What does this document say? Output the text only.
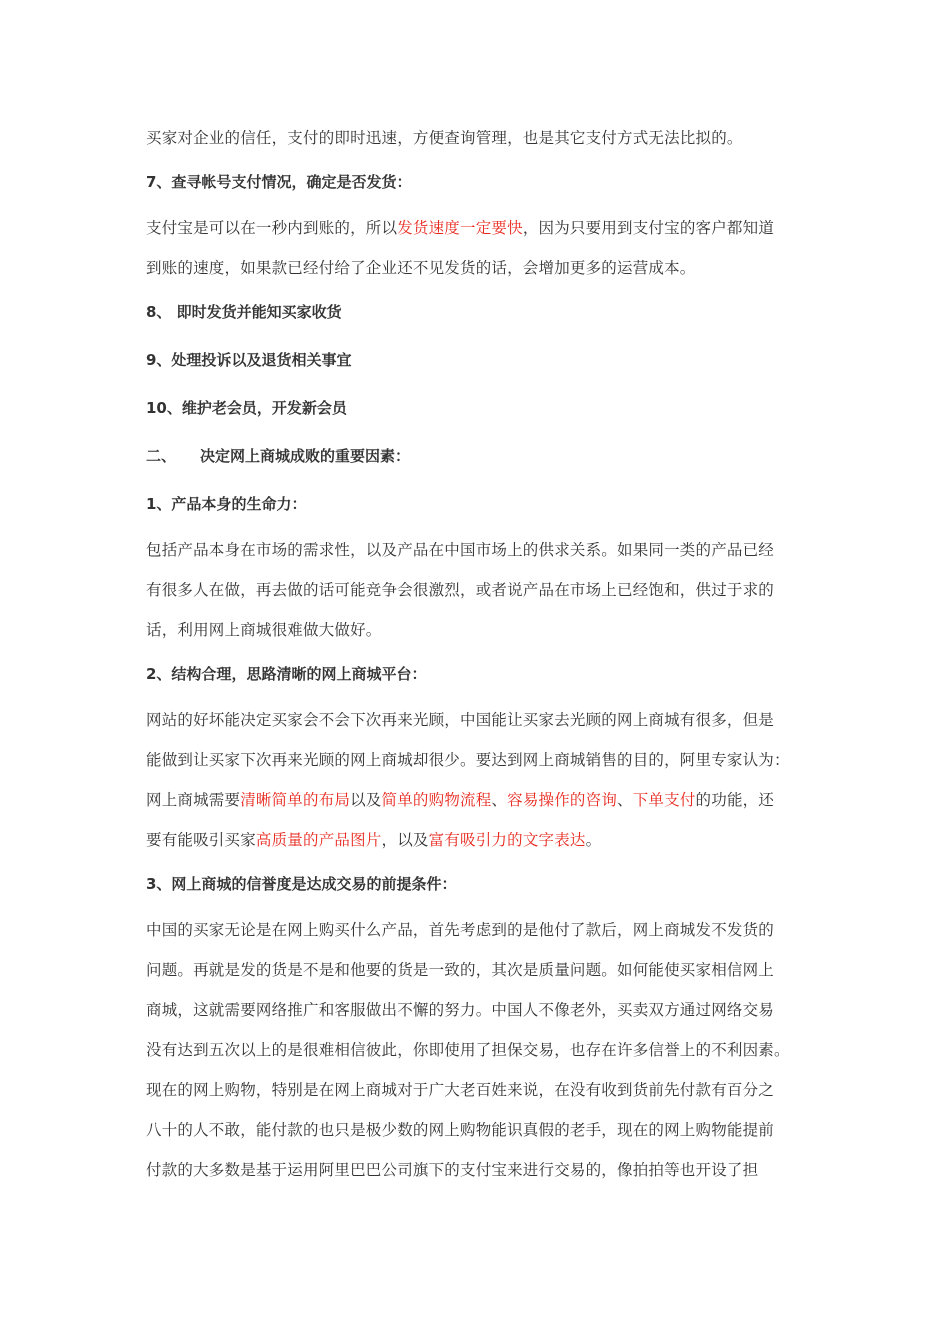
买家对企业的信任，支付的即时迅速，方便查询管理，也是其它支付方式无法比拟的。

7、查寻帐号支付情况，确定是否发货：

支付宝是可以在一秒内到账的，所以发货速度一定要快，因为只要用到支付宝的客户都知道

到账的速度，如果款已经付给了企业还不见发货的话，会增加更多的运营成本。

8、 即时发货并能知买家收货

9、处理投诉以及退货相关事宜

10、维护老会员，开发新会员

二、 决定网上商城成败的重要因素：

1、产品本身的生命力：

包括产品本身在市场的需求性，以及产品在中国市场上的供求关系。如果同一类的产品已经

有很多人在做，再去做的话可能竞争会很激烈，或者说产品在市场上已经饱和，供过于求的

话，利用网上商城很难做大做好。

2、结构合理，思路清晰的网上商城平台：

网站的好坏能决定买家会不会下次再来光顾，中国能让买家去光顾的网上商城有很多，但是

能做到让买家下次再来光顾的网上商城却很少。要达到网上商城销售的目的，阿里专家认为：

网上商城需要清晰简单的布局以及简单的购物流程、容易操作的咨询、下单支付的功能，还

要有能吸引买家高质量的产品图片，以及富有吸引力的文字表达。

3、网上商城的信誉度是达成交易的前提条件：

中国的买家无论是在网上购买什么产品，首先考虑到的是他付了款后，网上商城发不发货的

问题。再就是发的货是不是和他要的货是一致的，其次是质量问题。如何能使买家相信网上

商城，这就需要网络推广和客服做出不懈的努力。中国人不像老外，买卖双方通过网络交易

没有达到五次以上的是很难相信彼此，你即使用了担保交易，也存在许多信誉上的不利因素。

现在的网上购物，特别是在网上商城对于广大老百姓来说，在没有收到货前先付款有百分之

八十的人不敢，能付款的也只是极少数的网上购物能识真假的老手，现在的网上购物能提前

付款的大多数是基于运用阿里巴巴公司旗下的支付宝来进行交易的，像拍拍等也开设了担
